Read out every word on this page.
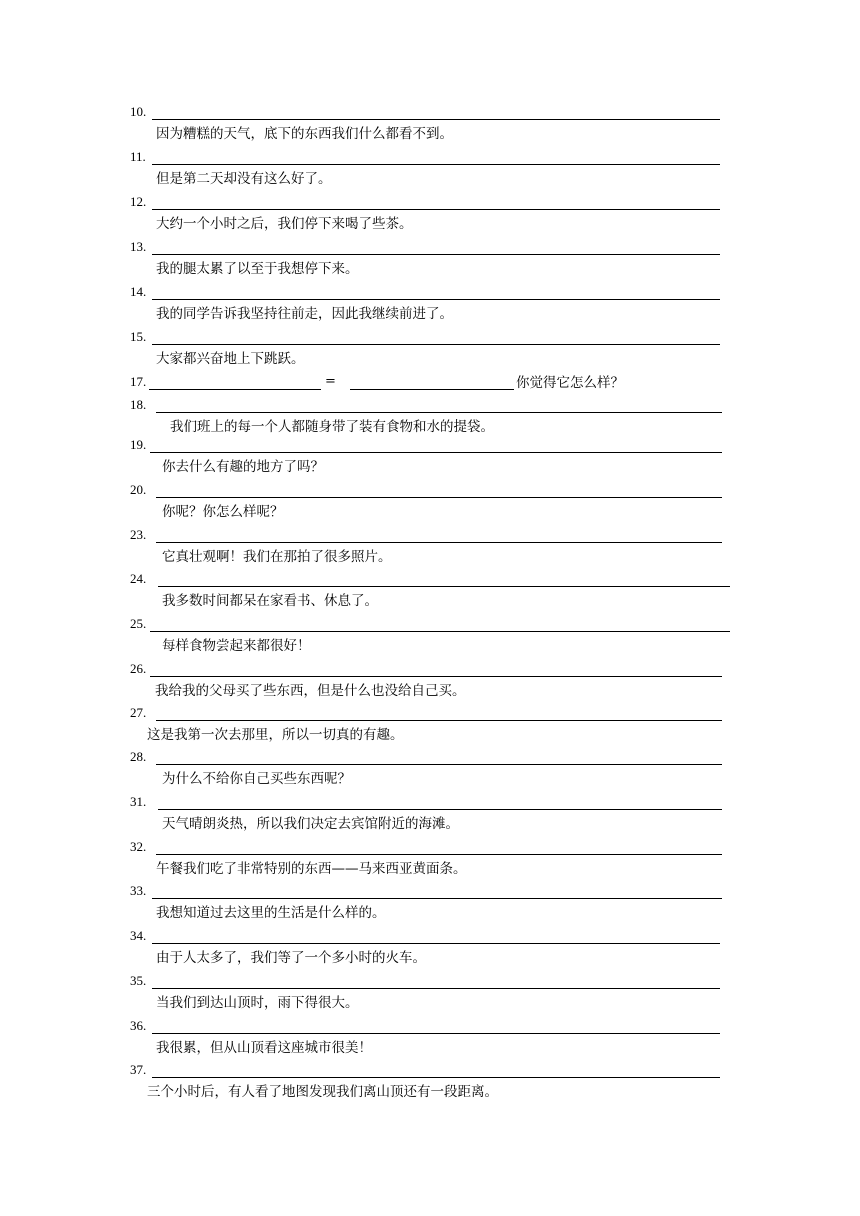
10.
因为糟糕的天气，底下的东西我们什么都看不到。
11.
但是第二天却没有这么好了。
12.
大约一个小时之后，我们停下来喝了些茶。
13.
我的腿太累了以至于我想停下来。
14.
我的同学告诉我坚持往前走，因此我继续前进了。
15.
大家都兴奋地上下跳跃。
17.	=	你觉得它怎么样？
18.
我们班上的每一个人都随身带了装有食物和水的提袋。
19.
你去什么有趣的地方了吗？
20.
你呢？你怎么样呢？
23.
它真壮观啊！我们在那拍了很多照片。
24.
我多数时间都呆在家看书、休息了。
25.
每样食物尝起来都很好！
26.
我给我的父母买了些东西，但是什么也没给自己买。
27.
这是我第一次去那里，所以一切真的有趣。
28.
为什么不给你自己买些东西呢？
31.
天气晴朗炎热，所以我们决定去宾馆附近的海滩。
32.
午餐我们吃了非常特别的东西——马来西亚黄面条。
33.
我想知道过去这里的生活是什么样的。
34.
由于人太多了，我们等了一个多小时的火车。
35.
当我们到达山顶时，雨下得很大。
36.
我很累，但从山顶看这座城市很美！
37.
三个小时后，有人看了地图发现我们离山顶还有一段距离。
